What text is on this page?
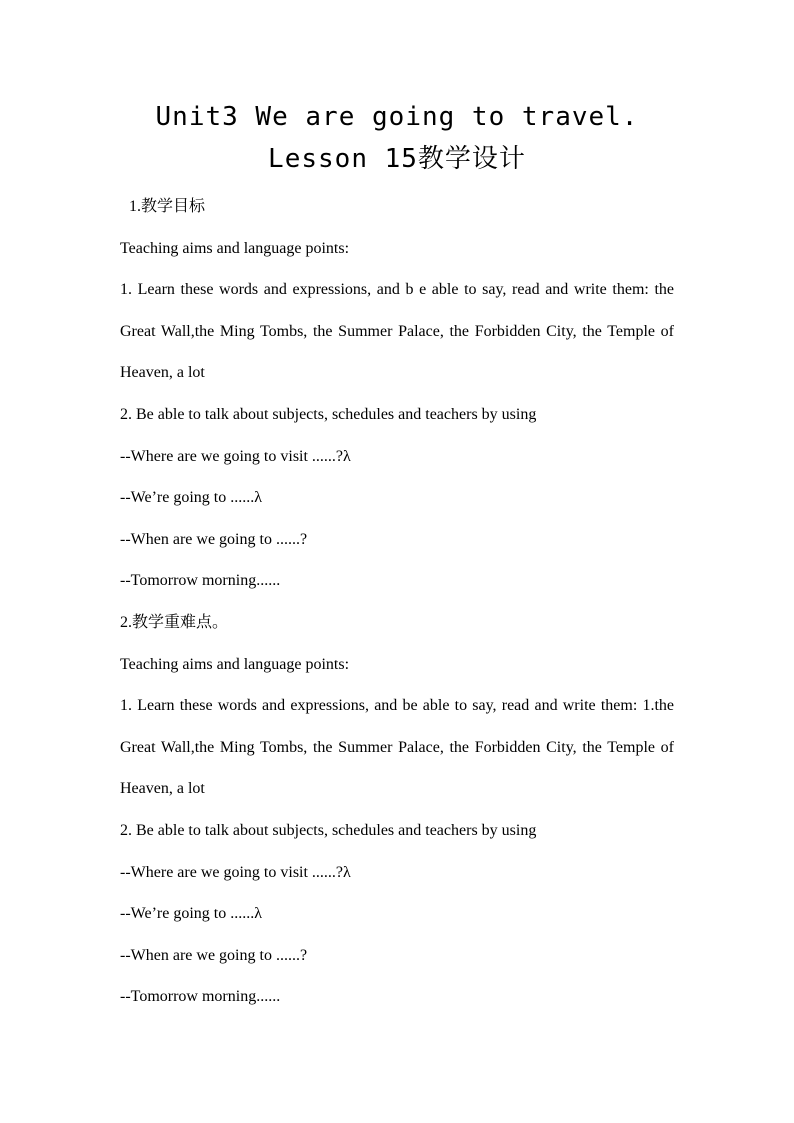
Unit3 We are going to travel.
Lesson 15教学设计
1.教学目标
Teaching aims and language points:
1. Learn these words and expressions, and b e able to say, read and write them: the Great Wall,the Ming Tombs, the Summer Palace, the Forbidden City, the Temple of Heaven, a lot
2. Be able to talk about subjects, schedules and teachers by using
--Where are we going to visit ......?λ
--We’re going to ......λ
--When are we going to ......?
--Tomorrow morning......
2.教学重难点。
Teaching aims and language points:
1. Learn these words and expressions, and be able to say, read and write them: 1.the Great Wall,the Ming Tombs, the Summer Palace, the Forbidden City, the Temple of Heaven, a lot
2. Be able to talk about subjects, schedules and teachers by using
--Where are we going to visit ......?λ
--We’re going to ......λ
--When are we going to ......?
--Tomorrow morning......
